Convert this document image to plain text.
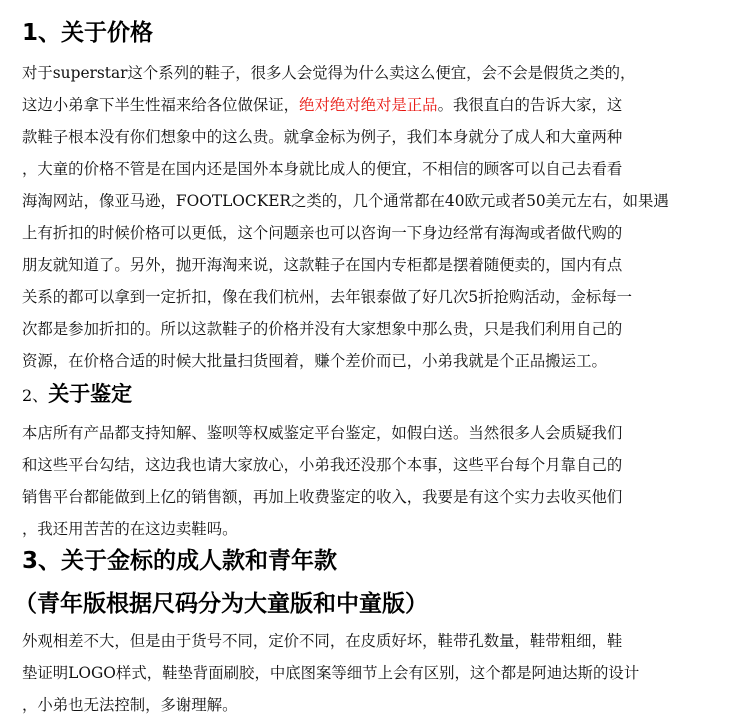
1、关于价格

对于superstar这个系列的鞋子，很多人会觉得为什么卖这么便宜，会不会是假货之类的，

这边小弟拿下半生性福来给各位做保证，绝对绝对绝对是正品。我很直白的告诉大家，这

款鞋子根本没有你们想象中的这么贵。就拿金标为例子，我们本身就分了成人和大童两种

，大童的价格不管是在国内还是国外本身就比成人的便宜，不相信的顾客可以自己去看看

海淘网站，像亚马逊，FOOTLOCKER之类的，几个通常都在40欧元或者50美元左右，如果遇

上有折扣的时候价格可以更低，这个问题亲也可以咨询一下身边经常有海淘或者做代购的

朋友就知道了。另外，抛开海淘来说，这款鞋子在国内专柜都是摆着随便卖的，国内有点

关系的都可以拿到一定折扣，像在我们杭州，去年银泰做了好几次5折抢购活动，金标每一

次都是参加折扣的。所以这款鞋子的价格并没有大家想象中那么贵，只是我们利用自己的

资源，在价格合适的时候大批量扫货囤着，赚个差价而已，小弟我就是个正品搬运工。

2、关于鉴定

本店所有产品都支持知解、鉴呗等权威鉴定平台鉴定，如假白送。当然很多人会质疑我们

和这些平台勾结，这边我也请大家放心，小弟我还没那个本事，这些平台每个月靠自己的

销售平台都能做到上亿的销售额，再加上收费鉴定的收入，我要是有这个实力去收买他们

，我还用苦苦的在这边卖鞋吗。

3、关于金标的成人款和青年款
（青年版根据尺码分为大童版和中童版）

外观相差不大，但是由于货号不同，定价不同，在皮质好坏，鞋带孔数量，鞋带粗细，鞋

垫证明LOGO样式，鞋垫背面刷胶，中底图案等细节上会有区别，这个都是阿迪达斯的设计

，小弟也无法控制，多谢理解。
